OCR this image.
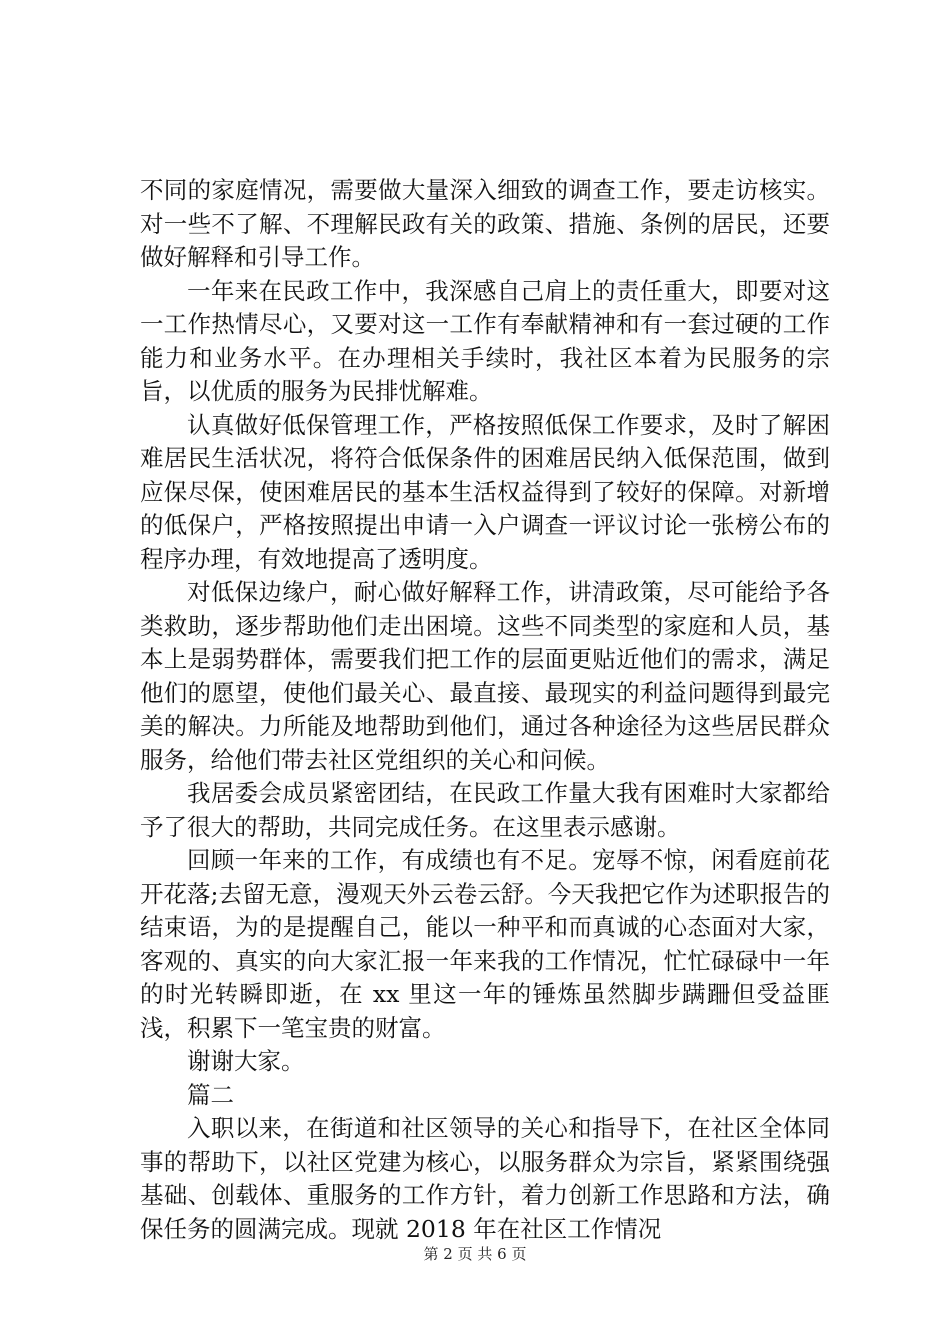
不同的家庭情况，需要做大量深入细致的调查工作，要走访核实。对一些不了解、不理解民政有关的政策、措施、条例的居民，还要做好解释和引导工作。

一年来在民政工作中，我深感自己肩上的责任重大，即要对这一工作热情尽心，又要对这一工作有奉献精神和有一套过硬的工作能力和业务水平。在办理相关手续时，我社区本着为民服务的宗旨，以优质的服务为民排忧解难。

认真做好低保管理工作，严格按照低保工作要求，及时了解困难居民生活状况，将符合低保条件的困难居民纳入低保范围，做到应保尽保，使困难居民的基本生活权益得到了较好的保障。对新增的低保户，严格按照提出申请一入户调查一评议讨论一张榜公布的程序办理，有效地提高了透明度。

对低保边缘户，耐心做好解释工作，讲清政策，尽可能给予各类救助，逐步帮助他们走出困境。这些不同类型的家庭和人员，基本上是弱势群体，需要我们把工作的层面更贴近他们的需求，满足他们的愿望，使他们最关心、最直接、最现实的利益问题得到最完美的解决。力所能及地帮助到他们，通过各种途径为这些居民群众服务，给他们带去社区党组织的关心和问候。

我居委会成员紧密团结，在民政工作量大我有困难时大家都给予了很大的帮助，共同完成任务。在这里表示感谢。

回顾一年来的工作，有成绩也有不足。宠辱不惊，闲看庭前花开花落;去留无意，漫观天外云卷云舒。今天我把它作为述职报告的结束语，为的是提醒自己，能以一种平和而真诚的心态面对大家，客观的、真实的向大家汇报一年来我的工作情况，忙忙碌碌中一年的时光转瞬即逝，在 xx 里这一年的锤炼虽然脚步蹒跚但受益匪浅，积累下一笔宝贵的财富。

谢谢大家。

篇二

入职以来，在街道和社区领导的关心和指导下，在社区全体同事的帮助下，以社区党建为核心，以服务群众为宗旨，紧紧围绕强基础、创载体、重服务的工作方针，着力创新工作思路和方法，确保任务的圆满完成。现就 2018 年在社区工作情况

第 2 页 共 6 页
